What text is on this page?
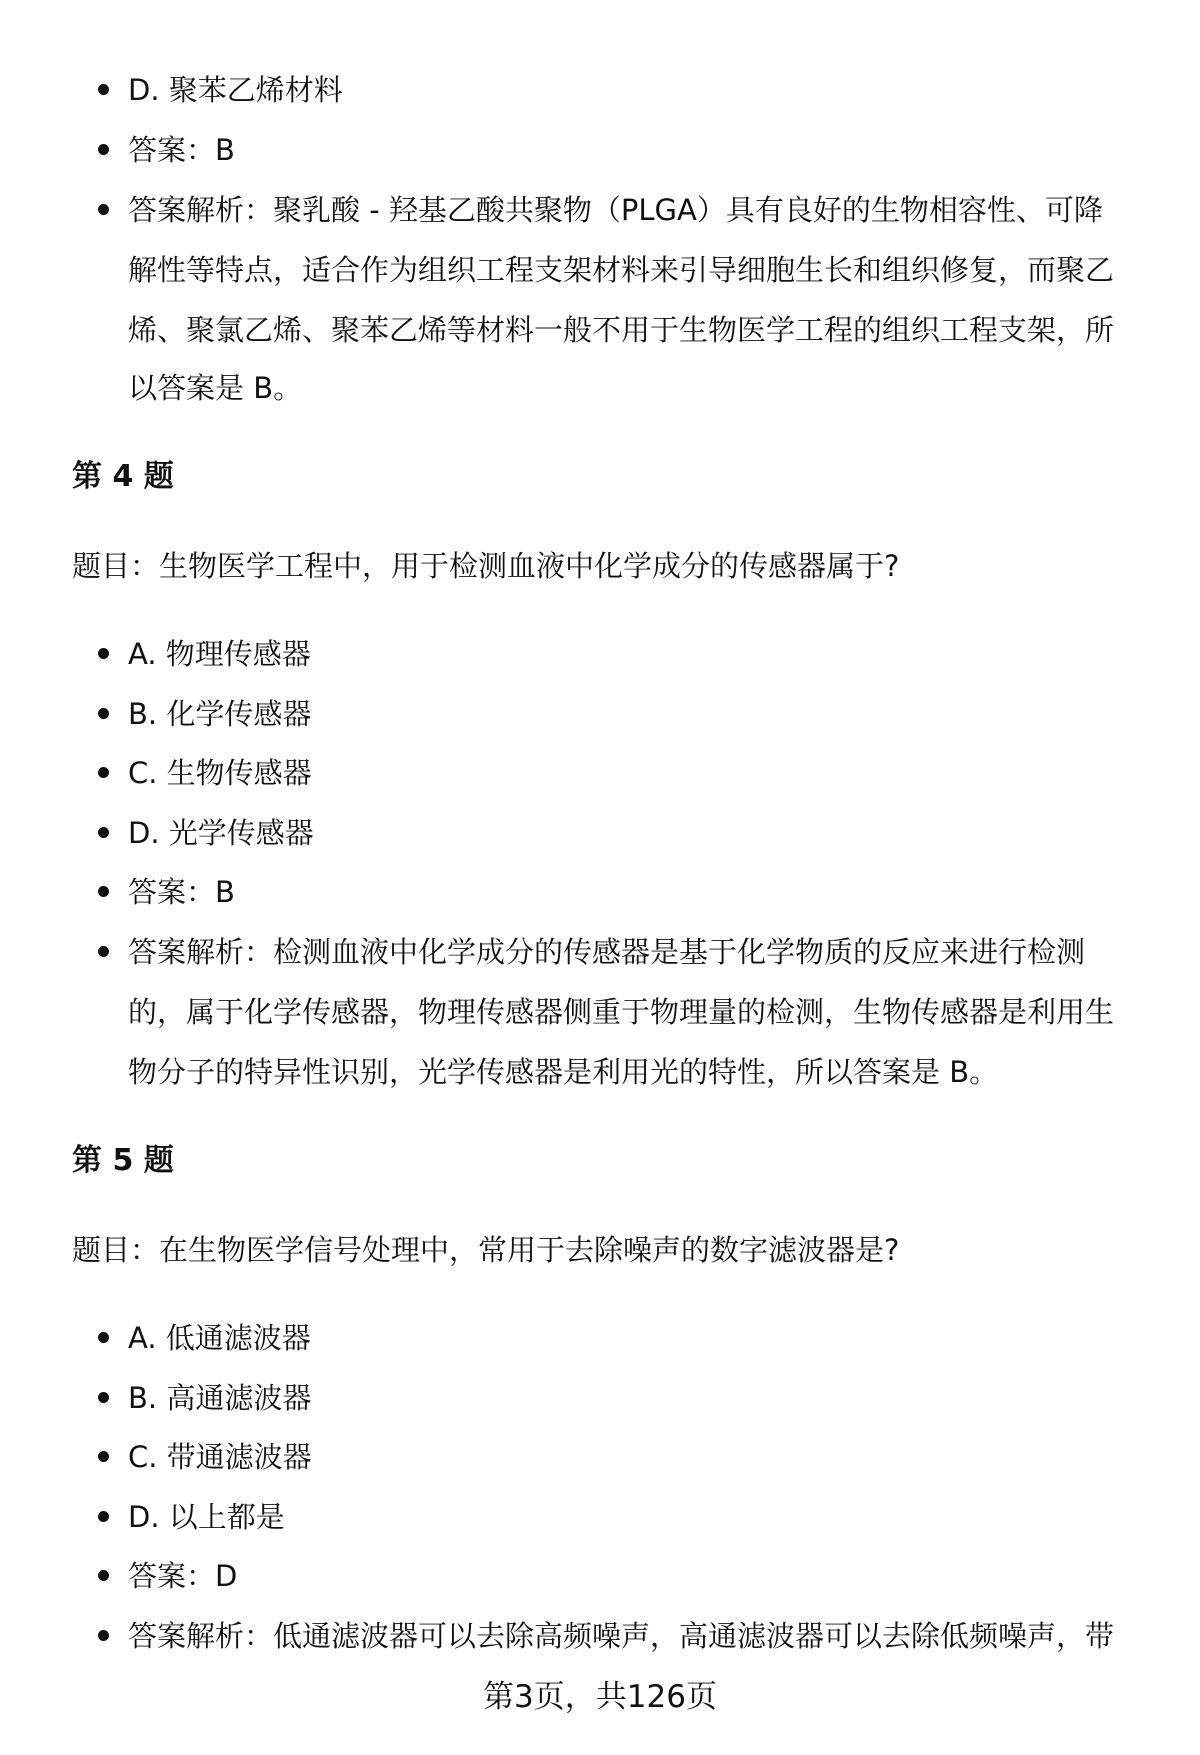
D. 聚苯乙烯材料
答案：B
答案解析：聚乳酸 - 羟基乙酸共聚物（PLGA）具有良好的生物相容性、可降
解性等特点，适合作为组织工程支架材料来引导细胞生长和组织修复，而聚乙
烯、聚氯乙烯、聚苯乙烯等材料一般不用于生物医学工程的组织工程支架，所
以答案是 B。
第 4 题
题目：生物医学工程中，用于检测血液中化学成分的传感器属于?
A. 物理传感器
B. 化学传感器
C. 生物传感器
D. 光学传感器
答案：B
答案解析：检测血液中化学成分的传感器是基于化学物质的反应来进行检测
的，属于化学传感器，物理传感器侧重于物理量的检测，生物传感器是利用生
物分子的特异性识别，光学传感器是利用光的特性，所以答案是 B。
第 5 题
题目：在生物医学信号处理中，常用于去除噪声的数字滤波器是?
A. 低通滤波器
B. 高通滤波器
C. 带通滤波器
D. 以上都是
答案：D
答案解析：低通滤波器可以去除高频噪声，高通滤波器可以去除低频噪声，带
第3页，共126页
